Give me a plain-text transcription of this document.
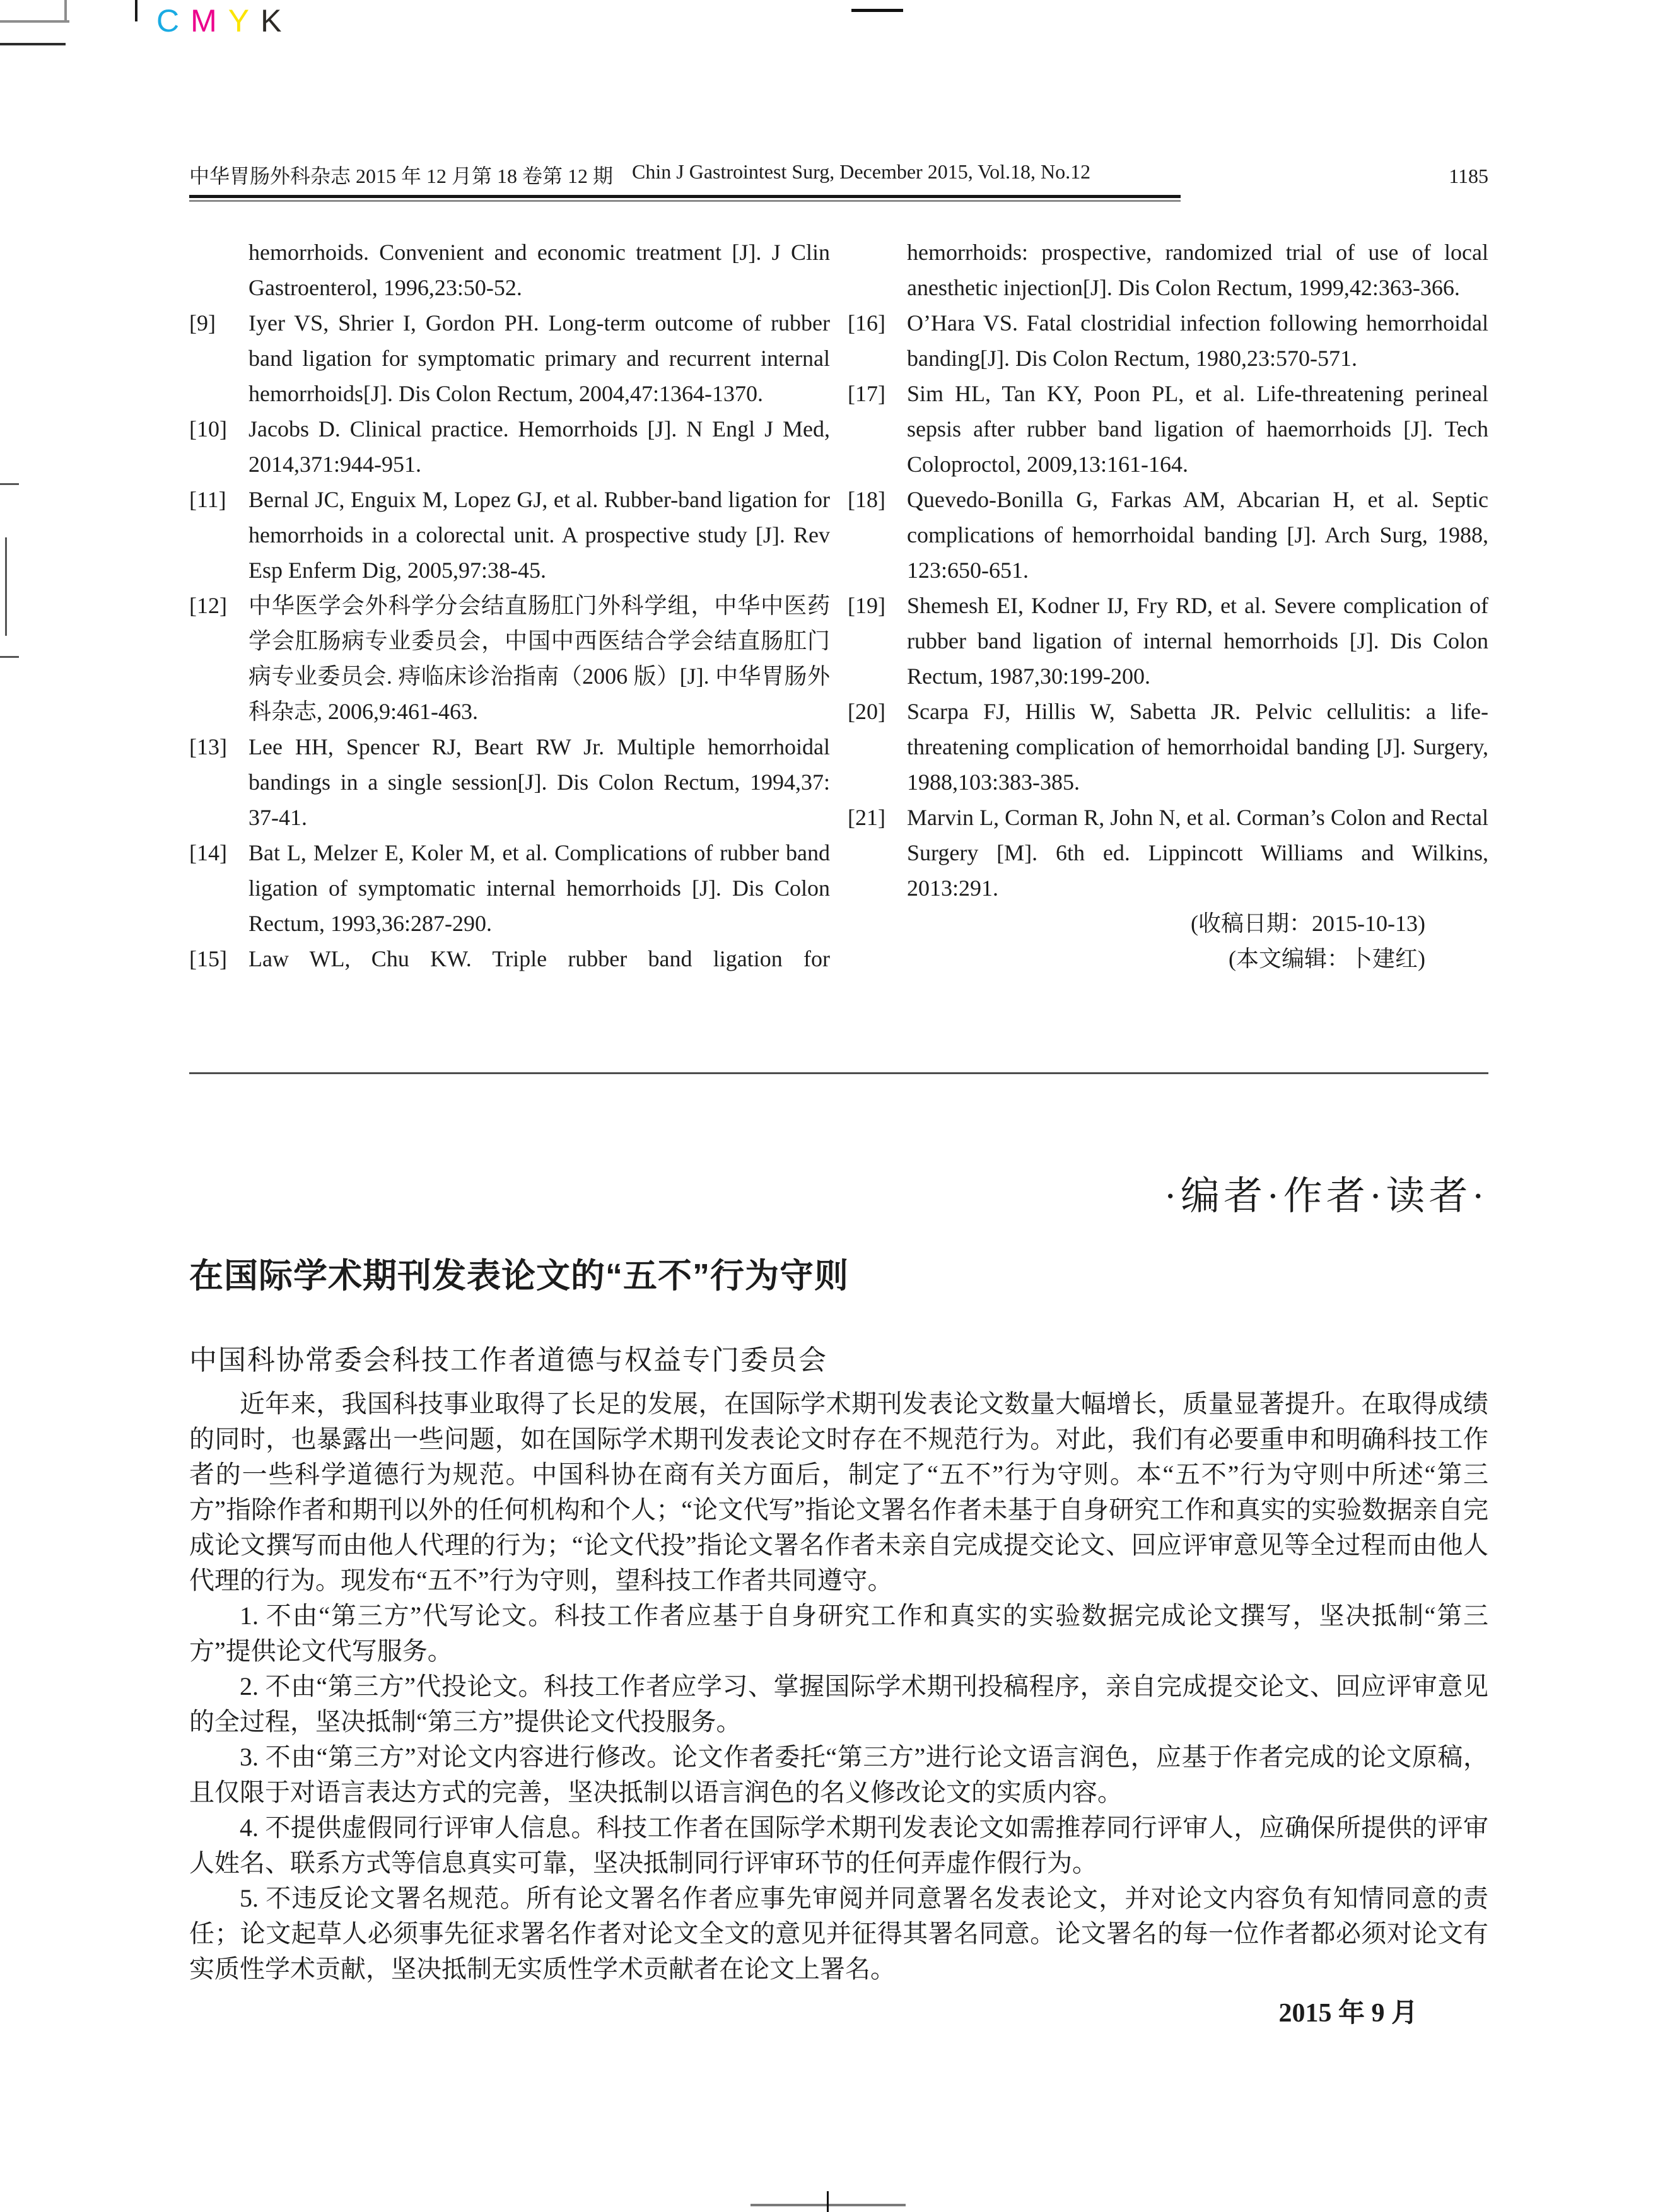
CMYK
中华胃肠外科杂志 2015 年 12 月第 18 卷第 12 期 Chin J Gastrointest Surg, December 2015, Vol.18, No.12	1185

hemorrhoids. Convenient and economic treatment [J]. J Clin Gastroenterol, 1996,23:50-52.

[9] Iyer VS, Shrier I, Gordon PH. Long-term outcome of rubber band ligation for symptomatic primary and recurrent internal hemorrhoids[J]. Dis Colon Rectum, 2004,47:1364-1370.

[10] Jacobs D. Clinical practice. Hemorrhoids [J]. N Engl J Med, 2014,371:944-951.

[11] Bernal JC, Enguix M, Lopez GJ, et al. Rubber-band ligation for hemorrhoids in a colorectal unit. A prospective study [J]. Rev Esp Enferm Dig, 2005,97:38-45.

[12] 中华医学会外科学分会结直肠肛门外科学组，中华中医药学会肛肠病专业委员会，中国中西医结合学会结直肠肛门病专业委员会. 痔临床诊治指南（2006 版）[J]. 中华胃肠外科杂志, 2006,9:461-463.

[13] Lee HH, Spencer RJ, Beart RW Jr. Multiple hemorrhoidal bandings in a single session[J]. Dis Colon Rectum, 1994,37: 37-41.

[14] Bat L, Melzer E, Koler M, et al. Complications of rubber band ligation of symptomatic internal hemorrhoids [J]. Dis Colon Rectum, 1993,36:287-290.

[15] Law WL, Chu KW. Triple rubber band ligation for

hemorrhoids: prospective, randomized trial of use of local anesthetic injection[J]. Dis Colon Rectum, 1999,42:363-366.

[16] O’Hara VS. Fatal clostridial infection following hemorrhoidal banding[J]. Dis Colon Rectum, 1980,23:570-571.

[17] Sim HL, Tan KY, Poon PL, et al. Life-threatening perineal sepsis after rubber band ligation of haemorrhoids [J]. Tech Coloproctol, 2009,13:161-164.

[18] Quevedo-Bonilla G, Farkas AM, Abcarian H, et al. Septic complications of hemorrhoidal banding [J]. Arch Surg, 1988, 123:650-651.

[19] Shemesh EI, Kodner IJ, Fry RD, et al. Severe complication of rubber band ligation of internal hemorrhoids [J]. Dis Colon Rectum, 1987,30:199-200.

[20] Scarpa FJ, Hillis W, Sabetta JR. Pelvic cellulitis: a life-threatening complication of hemorrhoidal banding [J]. Surgery, 1988,103:383-385.

[21] Marvin L, Corman R, John N, et al. Corman’s Colon and Rectal Surgery [M]. 6th ed. Lippincott Williams and Wilkins, 2013:291.

(收稿日期：2015-10-13)

(本文编辑：卜建红)

·编者·作者·读者·
在国际学术期刊发表论文的“五不”行为守则
中国科协常委会科技工作者道德与权益专门委员会

近年来，我国科技事业取得了长足的发展，在国际学术期刊发表论文数量大幅增长，质量显著提升。在取得成绩的同时，也暴露出一些问题，如在国际学术期刊发表论文时存在不规范行为。对此，我们有必要重申和明确科技工作者的一些科学道德行为规范。中国科协在商有关方面后，制定了“五不”行为守则。本“五不”行为守则中所述“第三方”指除作者和期刊以外的任何机构和个人；“论文代写”指论文署名作者未基于自身研究工作和真实的实验数据亲自完成论文撰写而由他人代理的行为；“论文代投”指论文署名作者未亲自完成提交论文、回应评审意见等全过程而由他人代理的行为。现发布“五不”行为守则，望科技工作者共同遵守。

1. 不由“第三方”代写论文。科技工作者应基于自身研究工作和真实的实验数据完成论文撰写，坚决抵制“第三方”提供论文代写服务。

2. 不由“第三方”代投论文。科技工作者应学习、掌握国际学术期刊投稿程序，亲自完成提交论文、回应评审意见的全过程，坚决抵制“第三方”提供论文代投服务。

3. 不由“第三方”对论文内容进行修改。论文作者委托“第三方”进行论文语言润色，应基于作者完成的论文原稿，且仅限于对语言表达方式的完善，坚决抵制以语言润色的名义修改论文的实质内容。

4. 不提供虚假同行评审人信息。科技工作者在国际学术期刊发表论文如需推荐同行评审人，应确保所提供的评审人姓名、联系方式等信息真实可靠，坚决抵制同行评审环节的任何弄虚作假行为。

5. 不违反论文署名规范。所有论文署名作者应事先审阅并同意署名发表论文，并对论文内容负有知情同意的责任；论文起草人必须事先征求署名作者对论文全文的意见并征得其署名同意。论文署名的每一位作者都必须对论文有实质性学术贡献，坚决抵制无实质性学术贡献者在论文上署名。

2015 年 9 月
